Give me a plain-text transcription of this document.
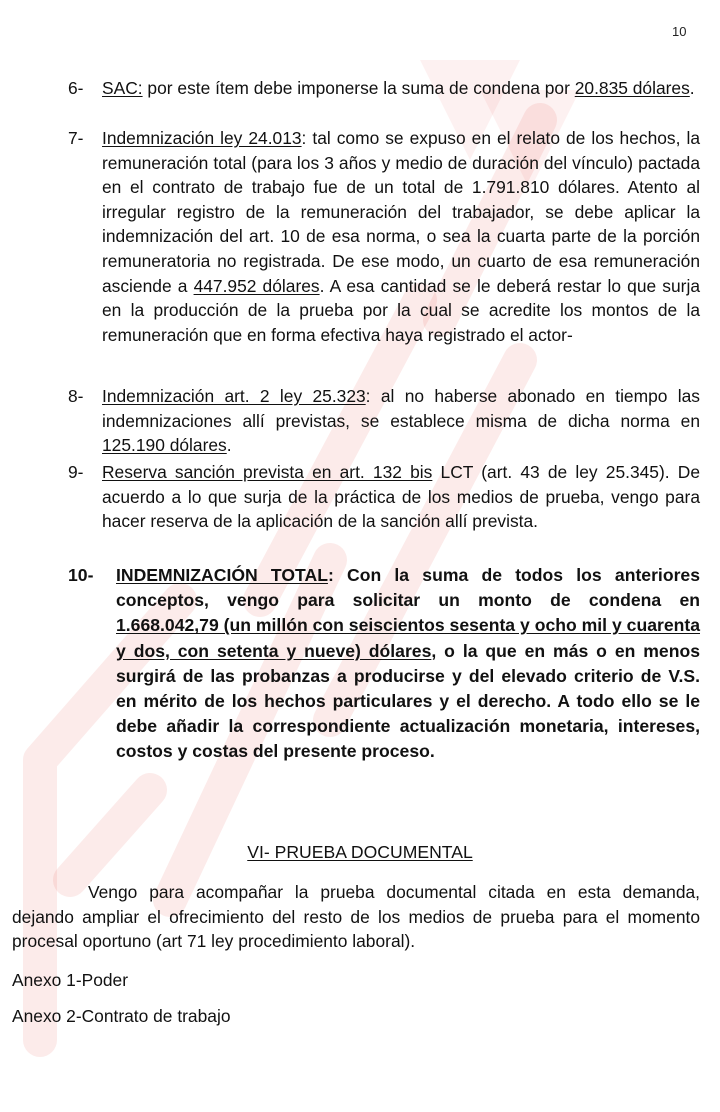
10
6- SAC: por este ítem debe imponerse la suma de condena por 20.835 dólares.
7- Indemnización ley 24.013: tal como se expuso en el relato de los hechos, la remuneración total (para los 3 años y medio de duración del vínculo) pactada en el contrato de trabajo fue de un total de 1.791.810 dólares. Atento al irregular registro de la remuneración del trabajador, se debe aplicar la indemnización del art. 10 de esa norma, o sea la cuarta parte de la porción remuneratoria no registrada. De ese modo, un cuarto de esa remuneración asciende a 447.952 dólares. A esa cantidad se le deberá restar lo que surja en la producción de la prueba por la cual se acredite los montos de la remuneración que en forma efectiva haya registrado el actor-
8- Indemnización art. 2 ley 25.323: al no haberse abonado en tiempo las indemnizaciones allí previstas, se establece misma de dicha norma en 125.190 dólares.
9- Reserva sanción prevista en art. 132 bis LCT (art. 43 de ley 25.345). De acuerdo a lo que surja de la práctica de los medios de prueba, vengo para hacer reserva de la aplicación de la sanción allí prevista.
10- INDEMNIZACIÓN TOTAL: Con la suma de todos los anteriores conceptos, vengo para solicitar un monto de condena en 1.668.042,79 (un millón con seiscientos sesenta y ocho mil y cuarenta y dos, con setenta y nueve) dólares, o la que en más o en menos surgirá de las probanzas a producirse y del elevado criterio de V.S. en mérito de los hechos particulares y el derecho. A todo ello se le debe añadir la correspondiente actualización monetaria, intereses, costos y costas del presente proceso.
VI- PRUEBA DOCUMENTAL
Vengo para acompañar la prueba documental citada en esta demanda, dejando ampliar el ofrecimiento del resto de los medios de prueba para el momento procesal oportuno (art 71 ley procedimiento laboral).
Anexo 1-Poder
Anexo 2-Contrato de trabajo
